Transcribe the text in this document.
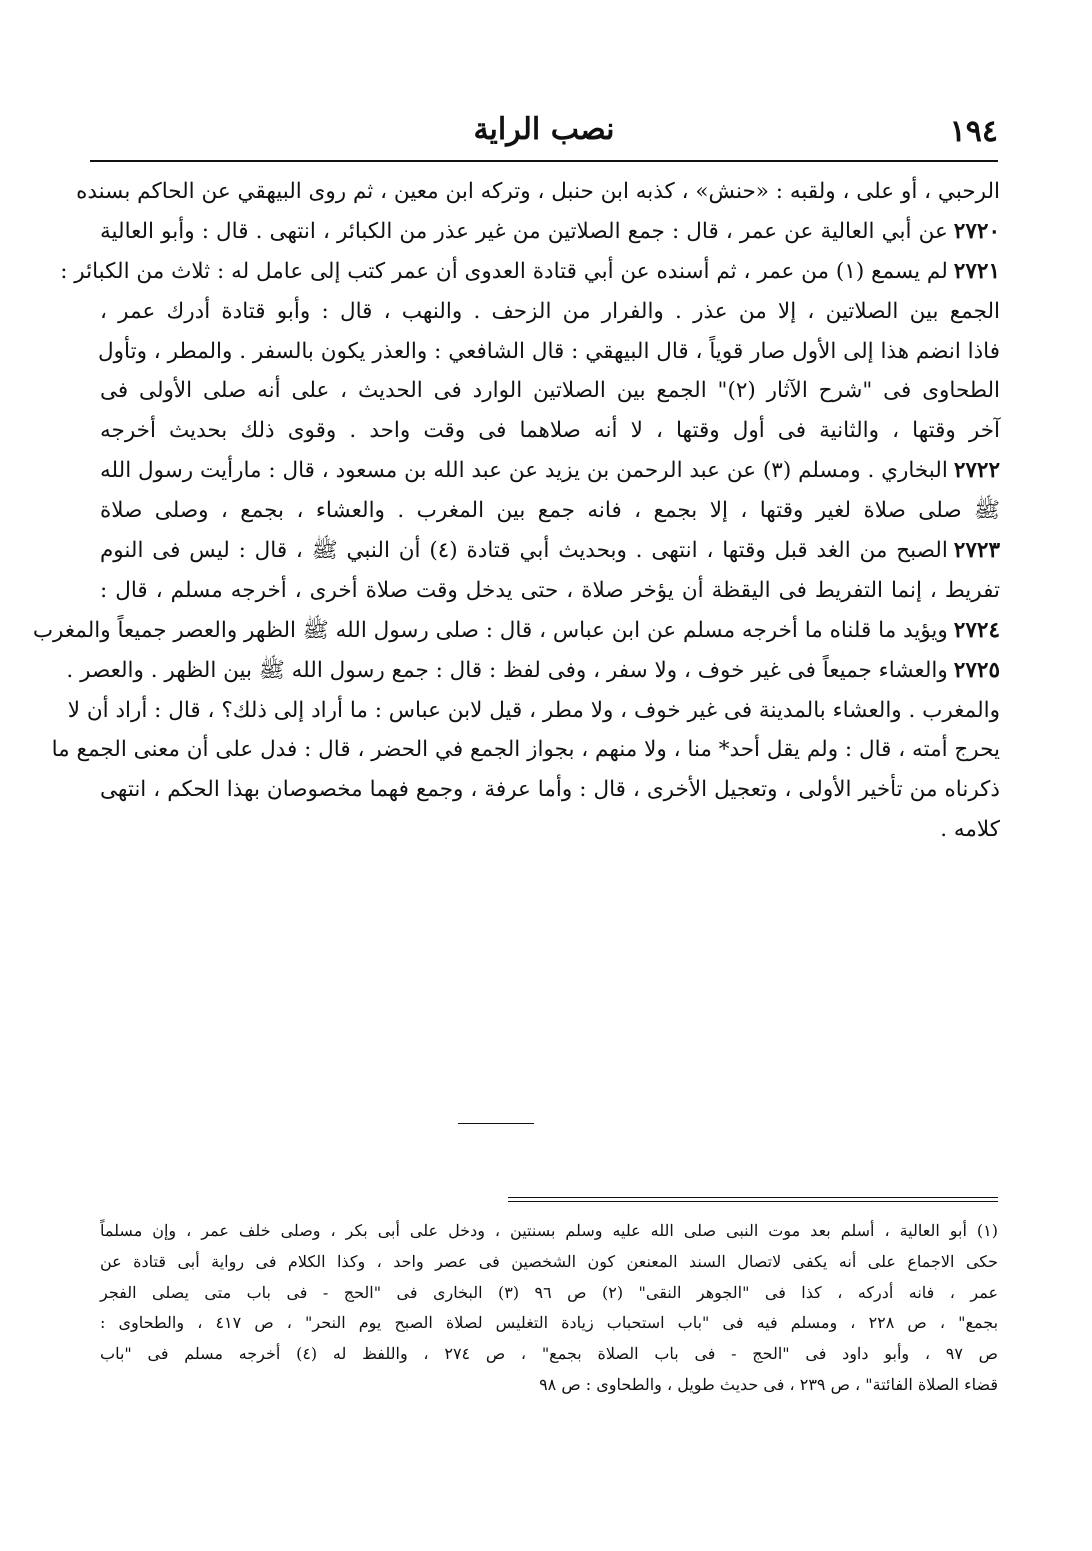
١٩٤
نصب الراية
الرحبي ، أو على ، ولقبه : «حنش» ، كذبه ابن حنبل ، وتركه ابن معين ، ثم روى البيهقي عن الحاكم بسنده
٢٧٢٠عن أبي العالية عن عمر ، قال : جمع الصلاتين من غير عذر من الكبائر ، انتهى . قال : وأبو العالية
٢٧٢١لم يسمع (١) من عمر ، ثم أسنده عن أبي قتادة العدوى أن عمر كتب إلى عامل له : ثلاث من الكبائر :
الجمع بين الصلاتين ، إلا من عذر . والفرار من الزحف . والنهب ، قال : وأبو قتادة أدرك عمر ،
فاذا انضم هذا إلى الأول صار قوياً ، قال البيهقي : قال الشافعي : والعذر يكون بالسفر . والمطر ، وتأول
الطحاوى فى "شرح الآثار (٢)" الجمع بين الصلاتين الوارد فى الحديث ، على أنه صلى الأولى فى
آخر وقتها ، والثانية فى أول وقتها ، لا أنه صلاهما فى وقت واحد . وقوى ذلك بحديث أخرجه
٢٧٢٢البخاري . ومسلم (٣) عن عبد الرحمن بن يزيد عن عبد الله بن مسعود ، قال : مارأيت رسول الله
ﷺ صلى صلاة لغير وقتها ، إلا بجمع ، فانه جمع بين المغرب . والعشاء ، بجمع ، وصلى صلاة
٢٧٢٣الصبح من الغد قبل وقتها ، انتهى . وبحديث أبي قتادة (٤) أن النبي ﷺ ، قال : ليس فى النوم
تفريط ، إنما التفريط فى اليقظة أن يؤخر صلاة ، حتى يدخل وقت صلاة أخرى ، أخرجه مسلم ، قال :
٢٧٢٤ويؤيد ما قلناه ما أخرجه مسلم عن ابن عباس ، قال : صلى رسول الله ﷺ الظهر والعصر جميعاً والمغرب
٢٧٢٥والعشاء جميعاً فى غير خوف ، ولا سفر ، وفى لفظ : قال : جمع رسول الله ﷺ بين الظهر . والعصر .
والمغرب . والعشاء بالمدينة فى غير خوف ، ولا مطر ، قيل لابن عباس : ما أراد إلى ذلك؟ ، قال : أراد أن لا
يحرج أمته ، قال : ولم يقل أحد* منا ، ولا منهم ، بجواز الجمع في الحضر ، قال : فدل على أن معنى الجمع ما
ذكرناه من تأخير الأولى ، وتعجيل الأخرى ، قال : وأما عرفة ، وجمع فهما مخصوصان بهذا الحكم ، انتهى
كلامه .
(١) أبو العالية ، أسلم بعد موت النبى صلى الله عليه وسلم بسنتين ، ودخل على أبى بكر ، وصلى خلف عمر ، وإن مسلماً
حكى الاجماع على أنه يكفى لاتصال السند المعنعن كون الشخصين فى عصر واحد ، وكذا الكلام فى رواية أبى قتادة عن
عمر ، فانه أدركه ، كذا فى "الجوهر النقى" (٢) ص ٩٦ (٣) البخارى فى "الحج - فى باب متى يصلى الفجر
بجمع" ، ص ٢٢٨ ، ومسلم فيه فى "باب استحباب زيادة التغليس لصلاة الصبح يوم النحر" ، ص ٤١٧ ، والطحاوى :
ص ٩٧ ، وأبو داود فى "الحج - فى باب الصلاة بجمع" ، ص ٢٧٤ ، واللفظ له (٤) أخرجه مسلم فى "باب
قضاء الصلاة الفائتة" ، ص ٢٣٩ ، فى حديث طويل ، والطحاوى : ص ٩٨
